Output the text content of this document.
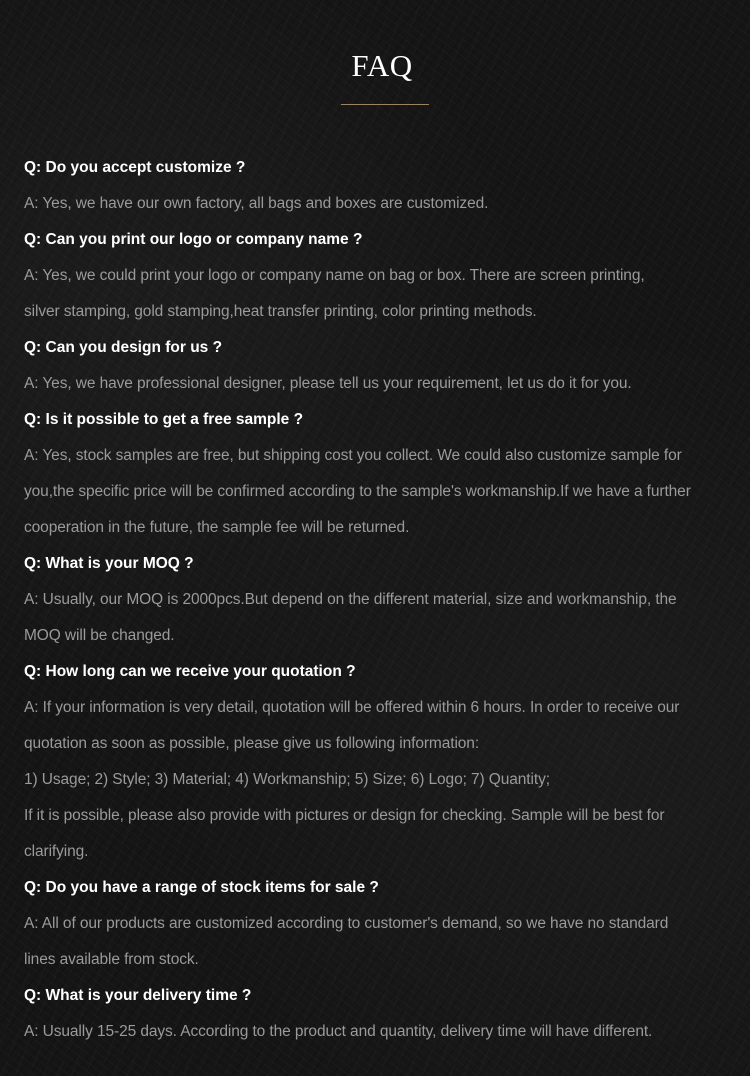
FAQ

Q: Do you accept customize ?

A: Yes, we have our own factory, all bags and boxes are customized.

Q: Can you print our logo or company name ?

A: Yes, we could print your logo or company name on bag or box. There are screen printing,

silver stamping, gold stamping,heat transfer printing, color printing methods.

Q: Can you design for us ?

A: Yes, we have professional designer, please tell us your requirement, let us do it for you.

Q: Is it possible to get a free sample ?

A: Yes, stock samples are free, but shipping cost you collect. We could also customize sample for

you,the specific price will be confirmed according to the sample's workmanship.If we have a further

cooperation in the future, the sample fee will be returned.

Q: What is your MOQ ?

A: Usually, our MOQ is 2000pcs.But depend on the different material, size and workmanship, the

MOQ will be changed.

Q: How long can we receive your quotation ?

A: If your information is very detail, quotation will be offered within 6 hours. In order to receive our

quotation as soon as possible, please give us following information:

1) Usage; 2) Style; 3) Material; 4) Workmanship; 5) Size; 6) Logo; 7) Quantity;

If it is possible, please also provide with pictures or design for checking. Sample will be best for

clarifying.

Q: Do you have a range of stock items for sale ?

A: All of our products are customized according to customer's demand, so we have no standard

lines available from stock.

Q: What is your delivery time ?

A: Usually 15-25 days. According to the product and quantity, delivery time will have different.
